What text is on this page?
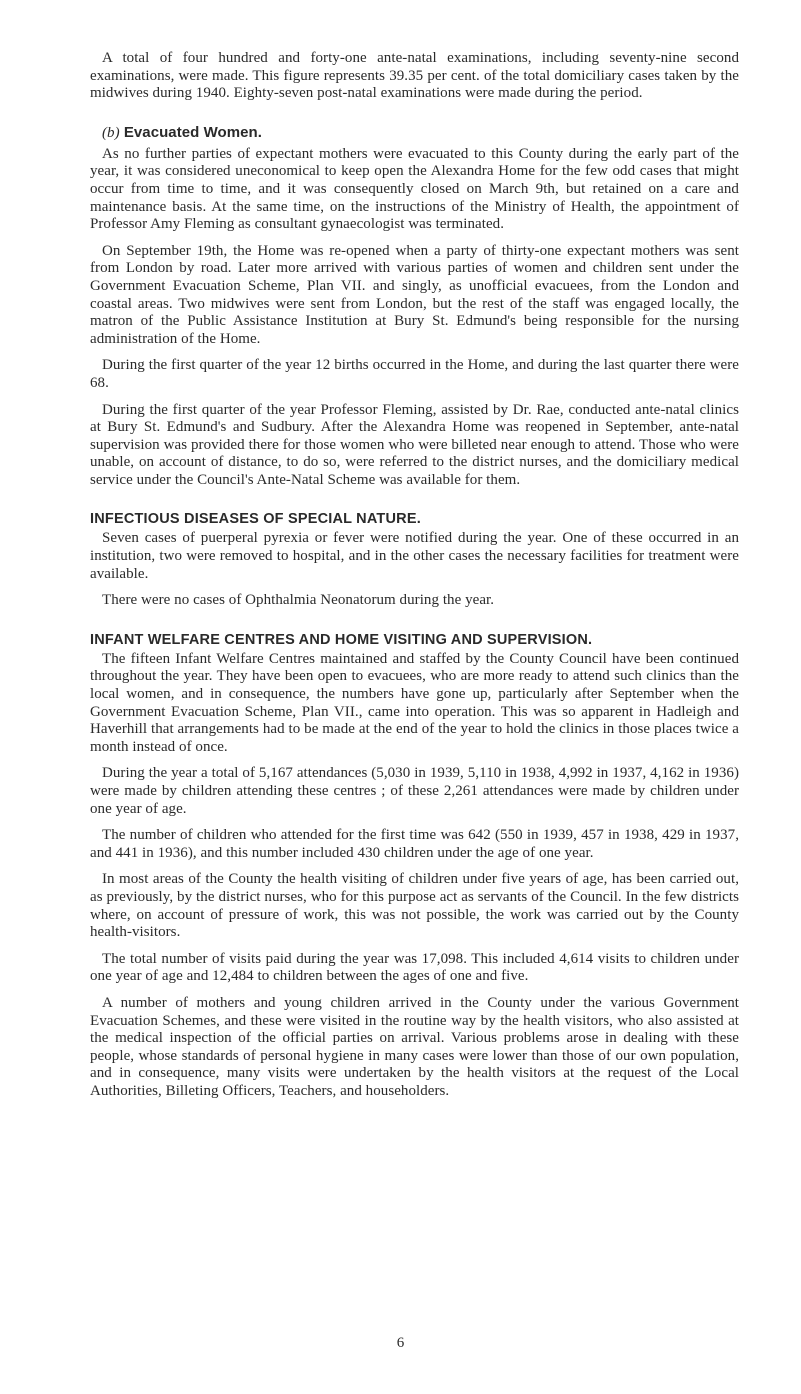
A total of four hundred and forty-one ante-natal examinations, including seventy-nine second examinations, were made. This figure represents 39.35 per cent. of the total domiciliary cases taken by the midwives during 1940. Eighty-seven post-natal examinations were made during the period.

(b) Evacuated Women.

As no further parties of expectant mothers were evacuated to this County during the early part of the year, it was considered uneconomical to keep open the Alexandra Home for the few odd cases that might occur from time to time, and it was consequently closed on March 9th, but retained on a care and maintenance basis. At the same time, on the instructions of the Ministry of Health, the appointment of Professor Amy Fleming as consultant gynaecologist was terminated.

On September 19th, the Home was re-opened when a party of thirty-one expectant mothers was sent from London by road. Later more arrived with various parties of women and children sent under the Government Evacuation Scheme, Plan VII. and singly, as unofficial evacuees, from the London and coastal areas. Two midwives were sent from London, but the rest of the staff was engaged locally, the matron of the Public Assistance Institution at Bury St. Edmund's being responsible for the nursing administration of the Home.

During the first quarter of the year 12 births occurred in the Home, and during the last quarter there were 68.

During the first quarter of the year Professor Fleming, assisted by Dr. Rae, conducted ante-natal clinics at Bury St. Edmund's and Sudbury. After the Alexandra Home was reopened in September, ante-natal supervision was provided there for those women who were billeted near enough to attend. Those who were unable, on account of distance, to do so, were referred to the district nurses, and the domiciliary medical service under the Council's Ante-Natal Scheme was available for them.

INFECTIOUS DISEASES OF SPECIAL NATURE.

Seven cases of puerperal pyrexia or fever were notified during the year. One of these occurred in an institution, two were removed to hospital, and in the other cases the necessary facilities for treatment were available.

There were no cases of Ophthalmia Neonatorum during the year.

INFANT WELFARE CENTRES AND HOME VISITING AND SUPERVISION.

The fifteen Infant Welfare Centres maintained and staffed by the County Council have been continued throughout the year. They have been open to evacuees, who are more ready to attend such clinics than the local women, and in consequence, the numbers have gone up, particularly after September when the Government Evacuation Scheme, Plan VII., came into operation. This was so apparent in Hadleigh and Haverhill that arrangements had to be made at the end of the year to hold the clinics in those places twice a month instead of once.

During the year a total of 5,167 attendances (5,030 in 1939, 5,110 in 1938, 4,992 in 1937, 4,162 in 1936) were made by children attending these centres ; of these 2,261 attendances were made by children under one year of age.

The number of children who attended for the first time was 642 (550 in 1939, 457 in 1938, 429 in 1937, and 441 in 1936), and this number included 430 children under the age of one year.

In most areas of the County the health visiting of children under five years of age, has been carried out, as previously, by the district nurses, who for this purpose act as servants of the Council. In the few districts where, on account of pressure of work, this was not possible, the work was carried out by the County health-visitors.

The total number of visits paid during the year was 17,098. This included 4,614 visits to children under one year of age and 12,484 to children between the ages of one and five.

A number of mothers and young children arrived in the County under the various Government Evacuation Schemes, and these were visited in the routine way by the health visitors, who also assisted at the medical inspection of the official parties on arrival. Various problems arose in dealing with these people, whose standards of personal hygiene in many cases were lower than those of our own population, and in consequence, many visits were undertaken by the health visitors at the request of the Local Authorities, Billeting Officers, Teachers, and householders.

6
